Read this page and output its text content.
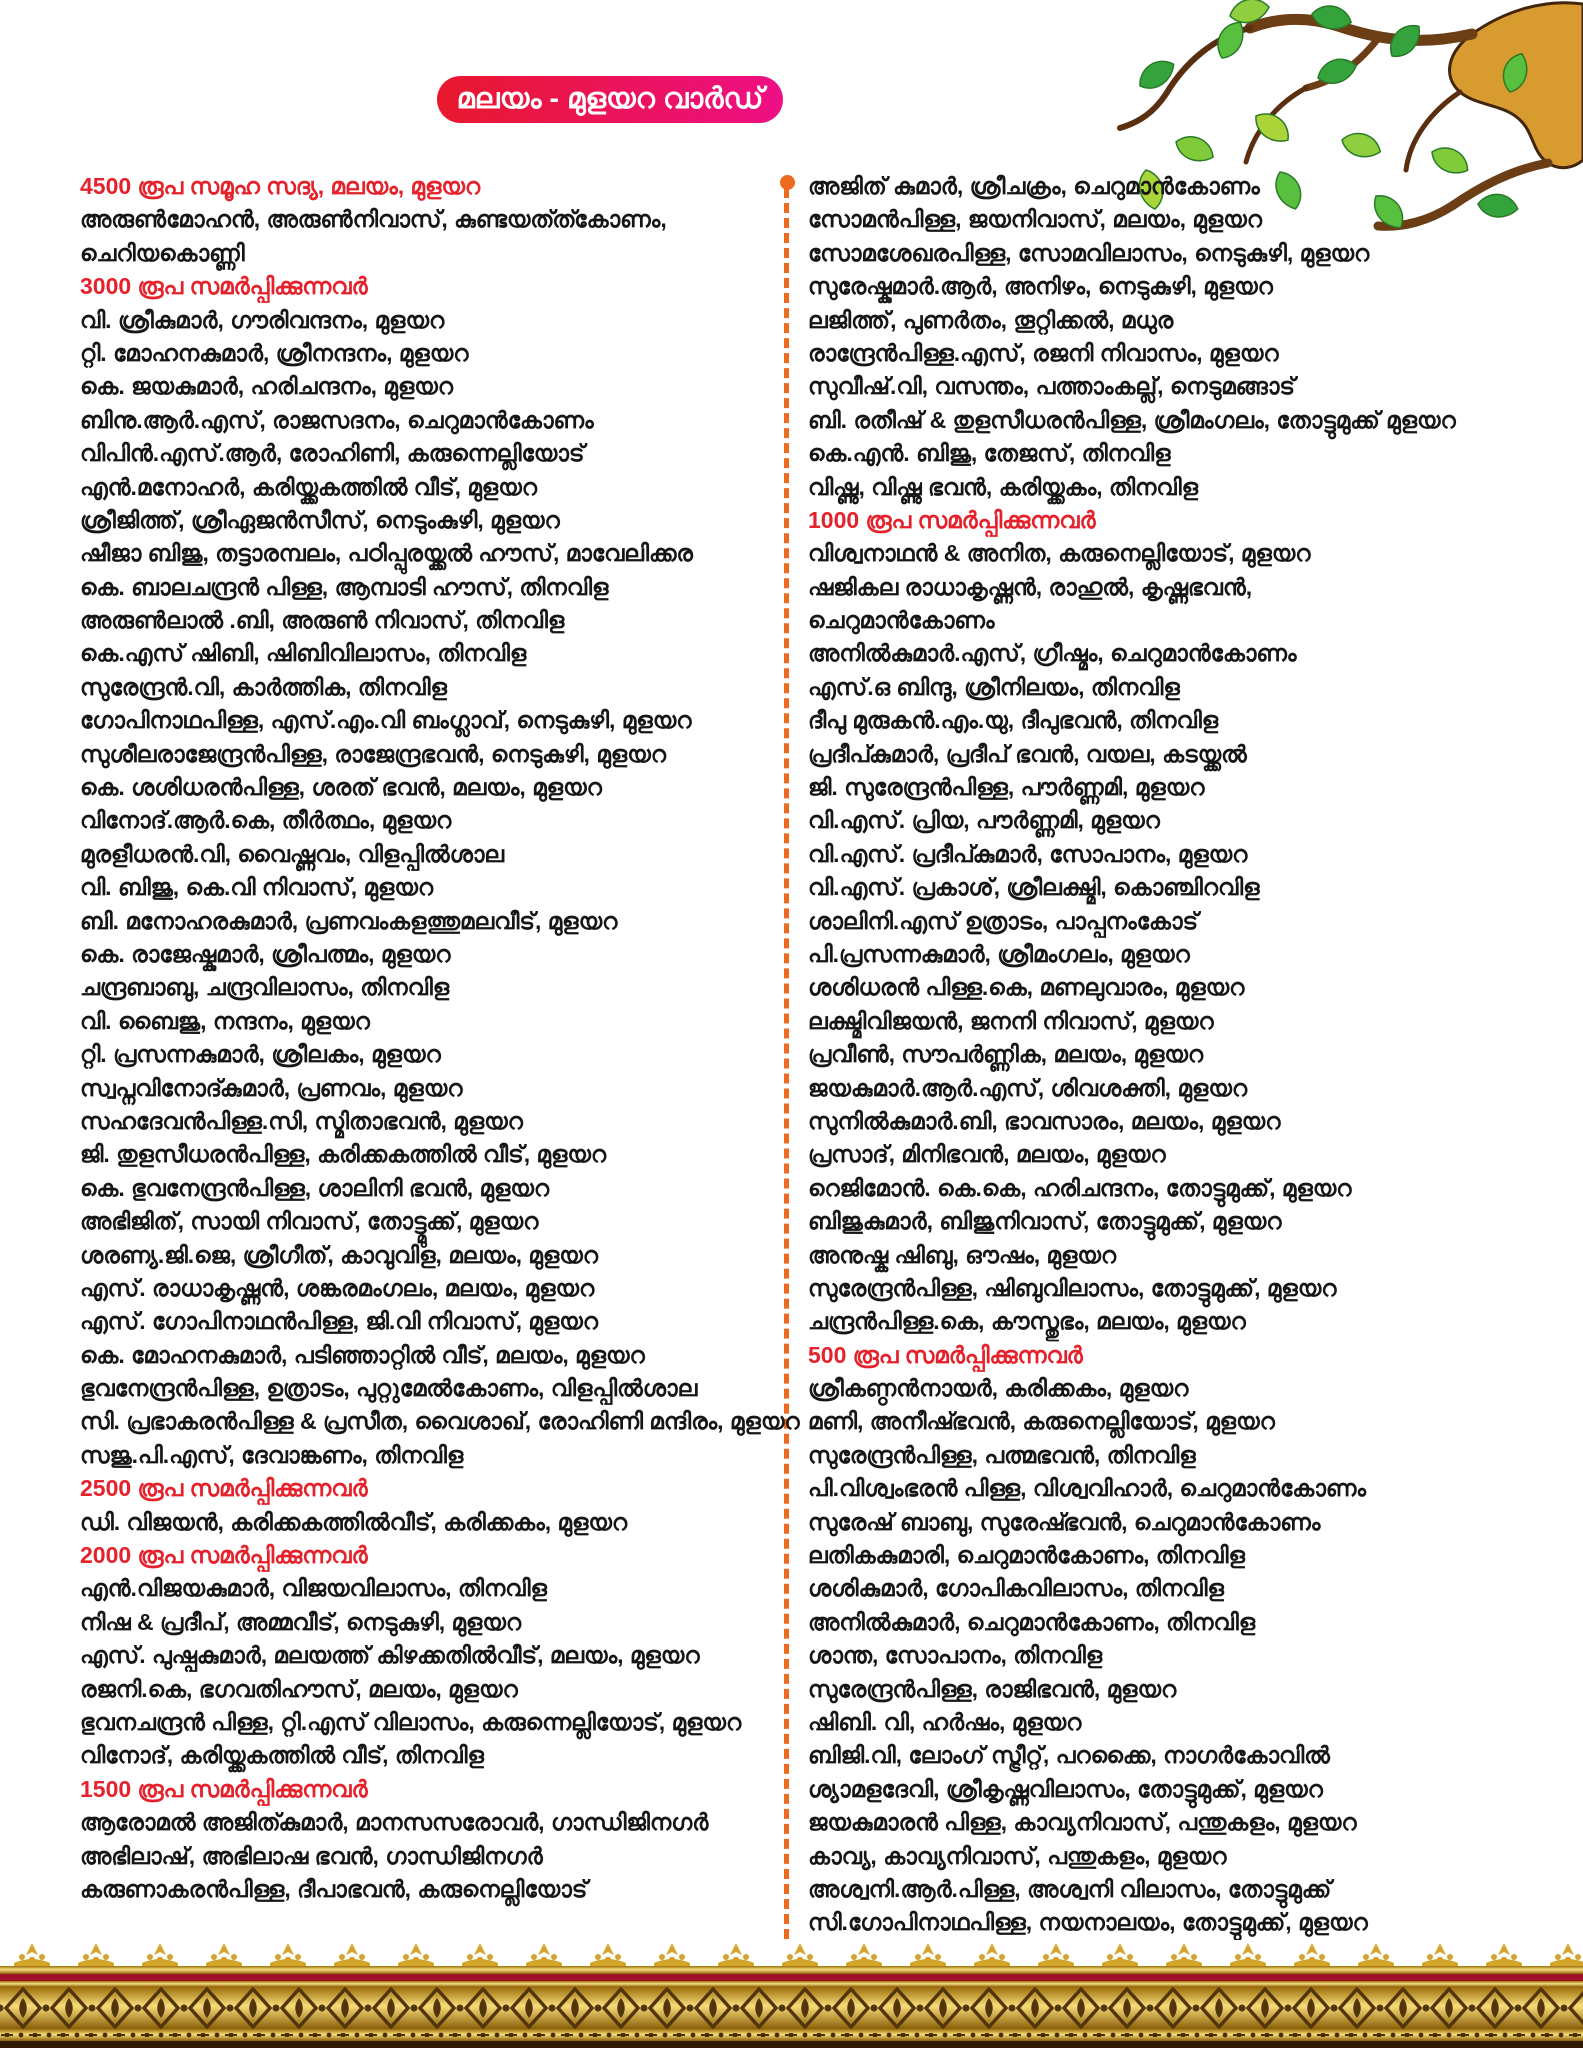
മലയം - മുളയറ വാർഡ്
4500 രൂപ സമൂഹ സദ്യ, മലയം, മുളയറ
അരുൺമോഹൻ, അരുൺനിവാസ്, കുണ്ടയത്ത്കോണം,
ചെറിയകൊണ്ണി
3000 രൂപ സമർപ്പിക്കുന്നവർ
വി. ശ്രീകുമാർ, ഗൗരിവന്ദനം, മുളയറ
റ്റി. മോഹനകുമാർ, ശ്രീനന്ദനം, മുളയറ
കെ. ജയകുമാർ, ഹരിചന്ദനം, മുളയറ
ബിനു.ആർ.എസ്, രാജസദനം, ചെറുമാൻകോണം
വിപിൻ.എസ്.ആർ, രോഹിണി, കരുന്നെല്ലിയോട്
എൻ.മനോഹർ, കരിയ്ക്കകത്തിൽ വീട്, മുളയറ
ശ്രീജിത്ത്, ശ്രീഏജൻസീസ്, നെടുംകുഴി, മുളയറ
ഷീജാ ബിജു, തട്ടാരമ്പലം, പഠിപ്പുരയ്ക്കൽ ഹൗസ്, മാവേലിക്കര
കെ. ബാലചന്ദ്രൻ പിള്ള, ആമ്പാടി ഹൗസ്, തിനവിള
അരുൺലാൽ .ബി, അരുൺ നിവാസ്, തിനവിള
കെ.എസ് ഷിബി, ഷിബിവിലാസം, തിനവിള
സുരേന്ദ്രൻ.വി, കാർത്തിക, തിനവിള
ഗോപിനാഥപിള്ള, എസ്.എം.വി ബംഗ്ലാവ്, നെടുകുഴി, മുളയറ
സുശീലരാജേന്ദ്രൻപിള്ള, രാജേന്ദ്രഭവൻ, നെടുകുഴി, മുളയറ
കെ. ശശിധരൻപിള്ള, ശരത് ഭവൻ, മലയം, മുളയറ
വിനോദ്.ആർ.കെ, തീർത്ഥം, മുളയറ
മുരളീധരൻ.വി, വൈഷ്ണവം, വിളപ്പിൽശാല
വി. ബിജു, കെ.വി നിവാസ്, മുളയറ
ബി. മനോഹരകുമാർ, പ്രണവംകളത്തുമലവീട്, മുളയറ
കെ. രാജേഷ്കുമാർ, ശ്രീപത്മം, മുളയറ
ചന്ദ്രബാബു, ചന്ദ്രവിലാസം, തിനവിള
വി. ബൈജു, നന്ദനം, മുളയറ
റ്റി. പ്രസന്നകുമാർ, ശ്രീലകം, മുളയറ
സ്വപ്നവിനോദ്കുമാർ, പ്രണവം, മുളയറ
സഹദേവൻപിള്ള.സി, സ്മിതാഭവൻ, മുളയറ
ജി. തുളസീധരൻപിള്ള, കരിക്കകത്തിൽ വീട്, മുളയറ
കെ. ഭുവനേന്ദ്രൻപിള്ള, ശാലിനി ഭവൻ, മുളയറ
അഭിജിത്, സായി നിവാസ്, തോട്ട്മുക്ക്, മുളയറ
ശരണ്യ.ജി.ജെ, ശ്രീഗീത്, കാവുവിള, മലയം, മുളയറ
എസ്. രാധാകൃഷ്ണൻ, ശങ്കരമംഗലം, മലയം, മുളയറ
എസ്. ഗോപിനാഥൻപിള്ള, ജി.വി നിവാസ്, മുളയറ
കെ. മോഹനകുമാർ, പടിഞ്ഞാറ്റിൽ വീട്, മലയം, മുളയറ
ഭുവനേന്ദ്രൻപിള്ള, ഉത്രാടം, പുറ്റുമേൽകോണം, വിളപ്പിൽശാല
സി. പ്രഭാകരൻപിള്ള & പ്രസീത, വൈശാഖ്, രോഹിണി മന്ദിരം, മുളയറ
സജു.പി.എസ്, ദേവാങ്കണം, തിനവിള
2500 രൂപ സമർപ്പിക്കുന്നവർ
ഡി. വിജയൻ, കരിക്കകത്തിൽവീട്, കരിക്കകം, മുളയറ
2000 രൂപ സമർപ്പിക്കുന്നവർ
എൻ.വിജയകുമാർ, വിജയവിലാസം, തിനവിള
നിഷ & പ്രദീപ്, അമ്മവീട്, നെടുകുഴി, മുളയറ
എസ്. പുഷ്പകുമാർ, മലയത്ത് കിഴക്കതിൽവീട്, മലയം, മുളയറ
രജനി.കെ, ഭഗവതിഹൗസ്, മലയം, മുളയറ
ഭുവനചന്ദ്രൻ പിള്ള, റ്റി.എസ് വിലാസം, കരുന്നെല്ലിയോട്, മുളയറ
വിനോദ്, കരിയ്ക്കകത്തിൽ വീട്, തിനവിള
1500 രൂപ സമർപ്പിക്കുന്നവർ
ആരോമൽ അജിത്കുമാർ, മാനസസരോവർ, ഗാന്ധിജിനഗർ
അഭിലാഷ്, അഭിലാഷ ഭവൻ, ഗാന്ധിജിനഗർ
കരുണാകരൻപിള്ള, ദീപാഭവൻ, കരുനെല്ലിയോട്
അജിത് കുമാർ, ശ്രീചക്രം, ചെറുമാൻകോണം
സോമൻപിള്ള, ജയനിവാസ്, മലയം, മുളയറ
സോമശേഖരപിള്ള, സോമവിലാസം, നെടുകുഴി, മുളയറ
സുരേഷ്കുമാർ.ആർ, അനിഴം, നെടുകുഴി, മുളയറ
ലജിത്ത്, പുണർതം, തൂറ്റിക്കൽ, മധുര
രാന്ദ്രേൻപിള്ള.എസ്, രജനി നിവാസം, മുളയറ
സുവീഷ്.വി, വസന്തം, പത്താംകല്ല്, നെടുമങ്ങാട്
ബി. രതീഷ് & തുളസീധരൻപിള്ള, ശ്രീമംഗലം, തോട്ടുമുക്ക് മുളയറ
കെ.എൻ. ബിജു, തേജസ്, തിനവിള
വിഷ്ണു, വിഷ്ണു ഭവൻ, കരിയ്ക്കകം, തിനവിള
1000 രൂപ സമർപ്പിക്കുന്നവർ
വിശ്വനാഥൻ & അനിത, കരുനെല്ലിയോട്, മുളയറ
ഷജികല രാധാകൃഷ്ണൻ, രാഹുൽ, കൃഷ്ണഭവൻ,
ചെറുമാൻകോണം
അനിൽകുമാർ.എസ്, ഗ്രീഷ്മം, ചെറുമാൻകോണം
എസ്.ഒ ബിന്ദു, ശ്രീനിലയം, തിനവിള
ദീപു മുരുകൻ.എം.യു, ദീപുഭവൻ, തിനവിള
പ്രദീപ്കുമാർ, പ്രദീപ് ഭവൻ, വയല, കടയ്ക്കൽ
ജി. സുരേന്ദ്രൻപിള്ള, പൗർണ്ണമി, മുളയറ
വി.എസ്. പ്രിയ, പൗർണ്ണമി, മുളയറ
വി.എസ്. പ്രദീപ്കുമാർ, സോപാനം, മുളയറ
വി.എസ്. പ്രകാശ്, ശ്രീലക്ഷ്മി, കൊഞ്ചിറവിള
ശാലിനി.എസ് ഉത്രാടം, പാപ്പനംകോട്
പി.പ്രസന്നകുമാർ, ശ്രീമംഗലം, മുളയറ
ശശിധരൻ പിള്ള.കെ, മണലുവാരം, മുളയറ
ലക്ഷ്മിവിജയൻ, ജനനി നിവാസ്, മുളയറ
പ്രവീൺ, സൗപർണ്ണിക, മലയം, മുളയറ
ജയകുമാർ.ആർ.എസ്, ശിവശക്തി, മുളയറ
സുനിൽകുമാർ.ബി, ഭാവസാരം, മലയം, മുളയറ
പ്രസാദ്, മിനിഭവൻ, മലയം, മുളയറ
റെജിമോൻ. കെ.കെ, ഹരിചന്ദനം, തോട്ടുമുക്ക്, മുളയറ
ബിജുകുമാർ, ബിജുനിവാസ്, തോട്ടുമുക്ക്, മുളയറ
അനുഷ്ക ഷിബു, ഔഷം, മുളയറ
സുരേന്ദ്രൻപിള്ള, ഷിബുവിലാസം, തോട്ടുമുക്ക്, മുളയറ
ചന്ദ്രൻപിള്ള.കെ, കൗസ്തുഭം, മലയം, മുളയറ
500 രൂപ സമർപ്പിക്കുന്നവർ
ശ്രീകണ്ഠൻനായർ, കരിക്കകം, മുളയറ
മണി, അനീഷ്ഭവൻ, കരുനെല്ലിയോട്, മുളയറ
സുരേന്ദ്രൻപിള്ള, പത്മഭവൻ, തിനവിള
പി.വിശ്വംഭരൻ പിള്ള, വിശ്വവിഹാർ, ചെറുമാൻകോണം
സുരേഷ് ബാബു, സുരേഷ്ഭവൻ, ചെറുമാൻകോണം
ലതികകുമാരി, ചെറുമാൻകോണം, തിനവിള
ശശികുമാർ, ഗോപികവിലാസം, തിനവിള
അനിൽകുമാർ, ചെറുമാൻകോണം, തിനവിള
ശാന്ത, സോപാനം, തിനവിള
സുരേന്ദ്രൻപിള്ള, രാജിഭവൻ, മുളയറ
ഷിബി. വി, ഹർഷം, മുളയറ
ബിജി.വി, ലോംഗ് സ്ട്രീറ്റ്, പറക്കൈ, നാഗർകോവിൽ
ശ്യാമളദേവി, ശ്രീകൃഷ്ണവിലാസം, തോട്ടുമുക്ക്, മുളയറ
ജയകുമാരൻ പിള്ള, കാവ്യനിവാസ്, പന്തുകളം, മുളയറ
കാവ്യ, കാവ്യനിവാസ്, പന്തുകളം, മുളയറ
അശ്വനി.ആർ.പിള്ള, അശ്വനി വിലാസം, തോട്ടുമുക്ക്
സി.ഗോപിനാഥപിള്ള, നയനാലയം, തോട്ടുമുക്ക്, മുളയറ
